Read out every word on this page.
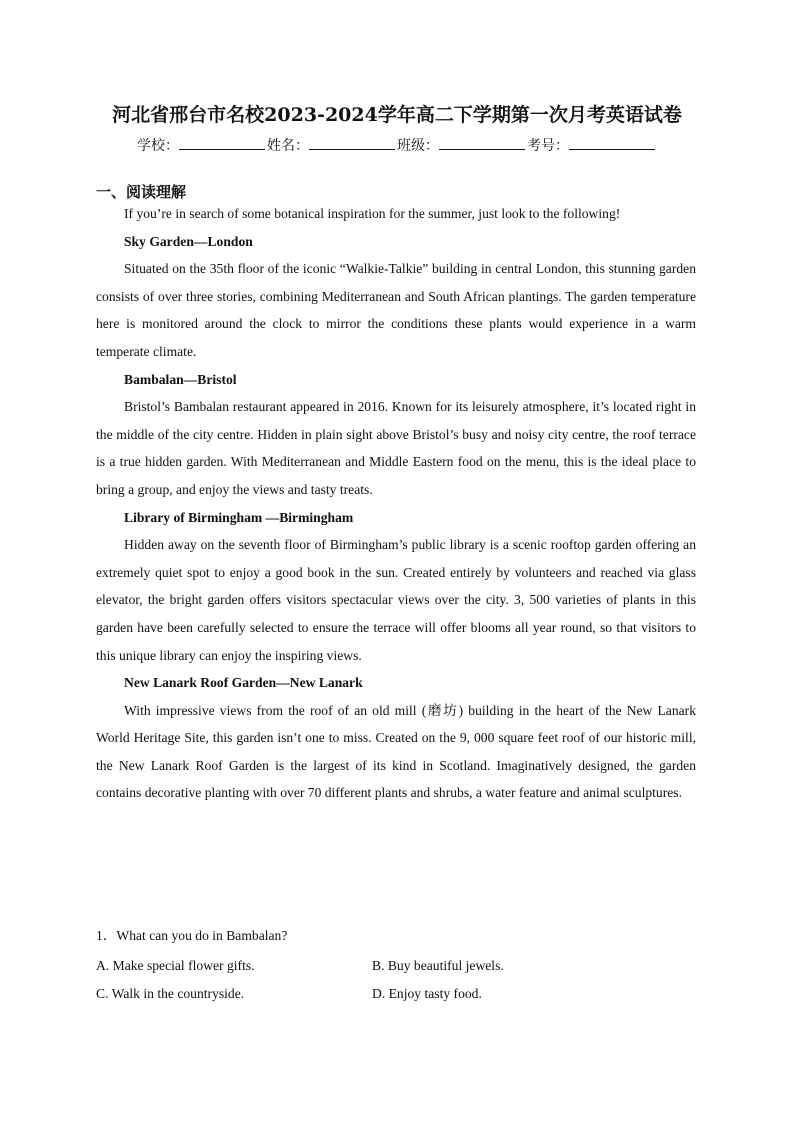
河北省邢台市名校2023-2024学年高二下学期第一次月考英语试卷
学校：	姓名：	班级：	考号：
一、阅读理解

If you’re in search of some botanical inspiration for the summer, just look to the following!

Sky Garden—London

Situated on the 35th floor of the iconic “Walkie-Talkie” building in central London, this stunning garden consists of over three stories, combining Mediterranean and South African plantings. The garden temperature here is monitored around the clock to mirror the conditions these plants would experience in a warm temperate climate.

Bambalan—Bristol

Bristol’s Bambalan restaurant appeared in 2016. Known for its leisurely atmosphere, it’s located right in the middle of the city centre. Hidden in plain sight above Bristol’s busy and noisy city centre, the roof terrace is a true hidden garden. With Mediterranean and Middle Eastern food on the menu, this is the ideal place to bring a group, and enjoy the views and tasty treats.

Library of Birmingham —Birmingham

Hidden away on the seventh floor of Birmingham’s public library is a scenic rooftop garden offering an extremely quiet spot to enjoy a good book in the sun. Created entirely by volunteers and reached via glass elevator, the bright garden offers visitors spectacular views over the city. 3, 500 varieties of plants in this garden have been carefully selected to ensure the terrace will offer blooms all year round, so that visitors to this unique library can enjoy the inspiring views.

New Lanark Roof Garden—New Lanark

With impressive views from the roof of an old mill (磨坊) building in the heart of the New Lanark World Heritage Site, this garden isn’t one to miss. Created on the 9, 000 square feet roof of our historic mill, the New Lanark Roof Garden is the largest of its kind in Scotland. Imaginatively designed, the garden contains decorative planting with over 70 different plants and shrubs, a water feature and animal sculptures.

1．What can you do in Bambalan?
A. Make special flower gifts.	B. Buy beautiful jewels.
C. Walk in the countryside.	D. Enjoy tasty food.
